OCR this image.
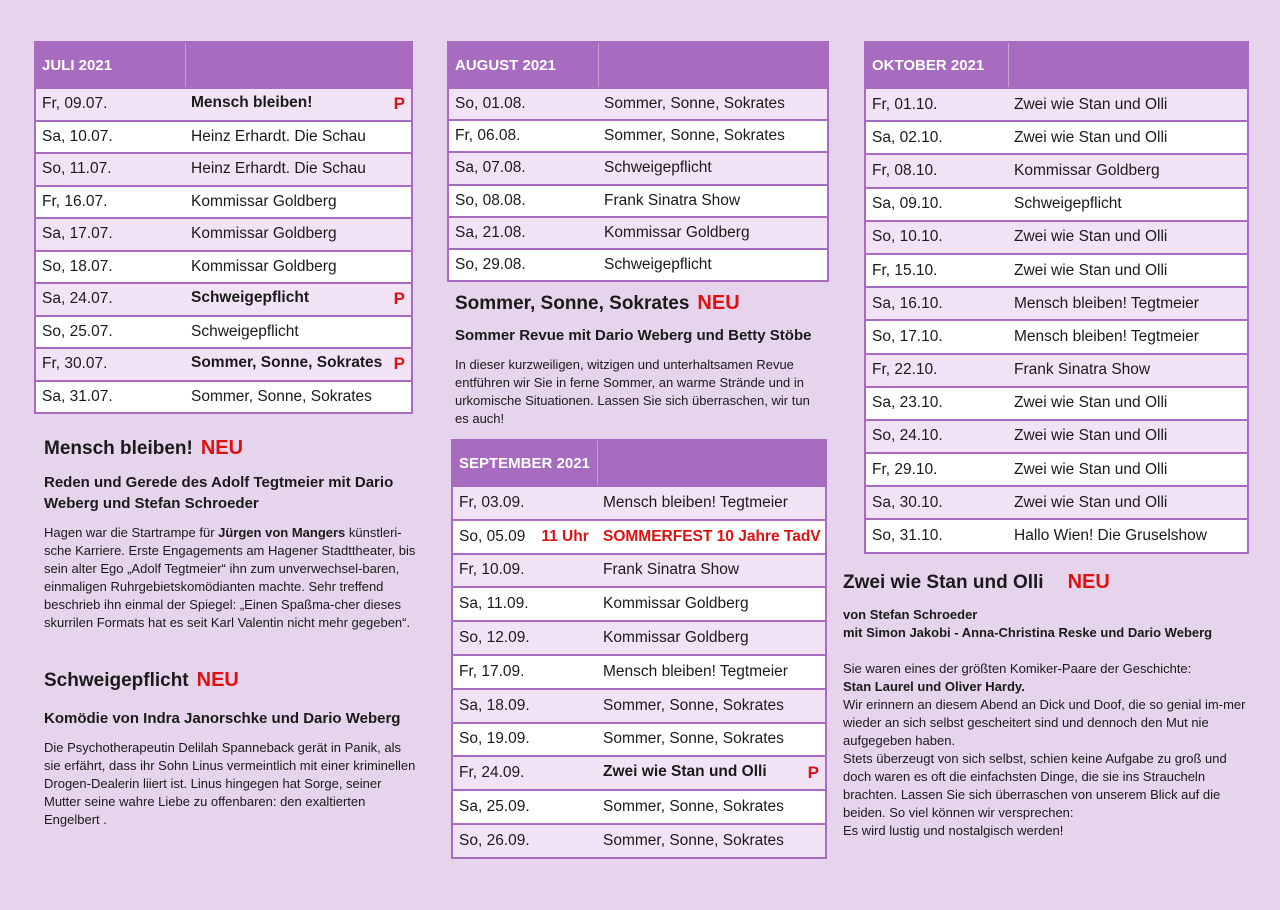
JULI 2021	
Fr, 09.07.	Mensch bleiben! P

Sa, 10.07.	Heinz Erhardt. Die Schau
So, 11.07.	Heinz Erhardt. Die Schau
Fr, 16.07.	Kommissar Goldberg
Sa, 17.07.	Kommissar Goldberg
So, 18.07.	Kommissar Goldberg
Sa, 24.07.	Schweigepflicht P

So, 25.07.	Schweigepflicht
Fr, 30.07.	Sommer, Sonne, Sokrates P

Sa, 31.07.	Sommer, Sonne, Sokrates

Mensch bleiben! NEU

Reden und Gerede des Adolf Tegtmeier mit Dario Weberg und Stefan Schroeder

Hagen war die Startrampe für Jürgen von Mangers künstleri-sche Karriere. Erste Engagements am Hagener Stadttheater, bis sein alter Ego „Adolf Tegtmeier“ ihn zum unverwechsel-baren, einmaligen Ruhrgebietskomödianten machte. Sehr treffend beschrieb ihn einmal der Spiegel: „Einen Spaßma-cher dieses skurrilen Formats hat es seit Karl Valentin nicht mehr gegeben“.

Schweigepflicht NEU

Komödie von Indra Janorschke und Dario Weberg

Die Psychotherapeutin Delilah Spanneback gerät in Panik, als sie erfährt, dass ihr Sohn Linus vermeintlich mit einer kriminellen Drogen-Dealerin liiert ist. Linus hingegen hat Sorge, seiner Mutter seine wahre Liebe zu offenbaren: den exaltierten Engelbert .

AUGUST 2021	
So, 01.08.	Sommer, Sonne, Sokrates
Fr, 06.08.	Sommer, Sonne, Sokrates
Sa, 07.08.	Schweigepflicht
So, 08.08.	Frank Sinatra Show
Sa, 21.08.	Kommissar Goldberg
So, 29.08.	Schweigepflicht

Sommer, Sonne, Sokrates NEU

Sommer Revue mit Dario Weberg und Betty Stöbe

In dieser kurzweiligen, witzigen und unterhaltsamen Revue entführen wir Sie in ferne Sommer, an warme Strände und in urkomische Situationen. Lassen Sie sich überraschen, wir tun es auch!

SEPTEMBER 2021	
Fr, 03.09.	Mensch bleiben! Tegtmeier
So, 05.09 11 Uhr	SOMMERFEST 10 Jahre TadV
Fr, 10.09.	Frank Sinatra Show
Sa, 11.09.	Kommissar Goldberg
So, 12.09.	Kommissar Goldberg
Fr, 17.09.	Mensch bleiben! Tegtmeier
Sa, 18.09.	Sommer, Sonne, Sokrates
So, 19.09.	Sommer, Sonne, Sokrates
Fr, 24.09.	Zwei wie Stan und Olli P

Sa, 25.09.	Sommer, Sonne, Sokrates
So, 26.09.	Sommer, Sonne, Sokrates
OKTOBER 2021	
Fr, 01.10.	Zwei wie Stan und Olli
Sa, 02.10.	Zwei wie Stan und Olli
Fr, 08.10.	Kommissar Goldberg
Sa, 09.10.	Schweigepflicht
So, 10.10.	Zwei wie Stan und Olli
Fr, 15.10.	Zwei wie Stan und Olli
Sa, 16.10.	Mensch bleiben! Tegtmeier
So, 17.10.	Mensch bleiben! Tegtmeier
Fr, 22.10.	Frank Sinatra Show
Sa, 23.10.	Zwei wie Stan und Olli
So, 24.10.	Zwei wie Stan und Olli
Fr, 29.10.	Zwei wie Stan und Olli
Sa, 30.10.	Zwei wie Stan und Olli
So, 31.10.	Hallo Wien! Die Gruselshow

Zwei wie Stan und Olli NEU

von Stefan Schroeder

mit Simon Jakobi - Anna-Christina Reske und Dario Weberg

Sie waren eines der größten Komiker-Paare der Geschichte:

Stan Laurel und Oliver Hardy.

Wir erinnern an diesem Abend an Dick und Doof, die so genial im-mer wieder an sich selbst gescheitert sind und dennoch den Mut nie aufgegeben haben.

Stets überzeugt von sich selbst, schien keine Aufgabe zu groß und doch waren es oft die einfachsten Dinge, die sie ins Straucheln brachten. Lassen Sie sich überraschen von unserem Blick auf die beiden. So viel können wir versprechen:

Es wird lustig und nostalgisch werden!
